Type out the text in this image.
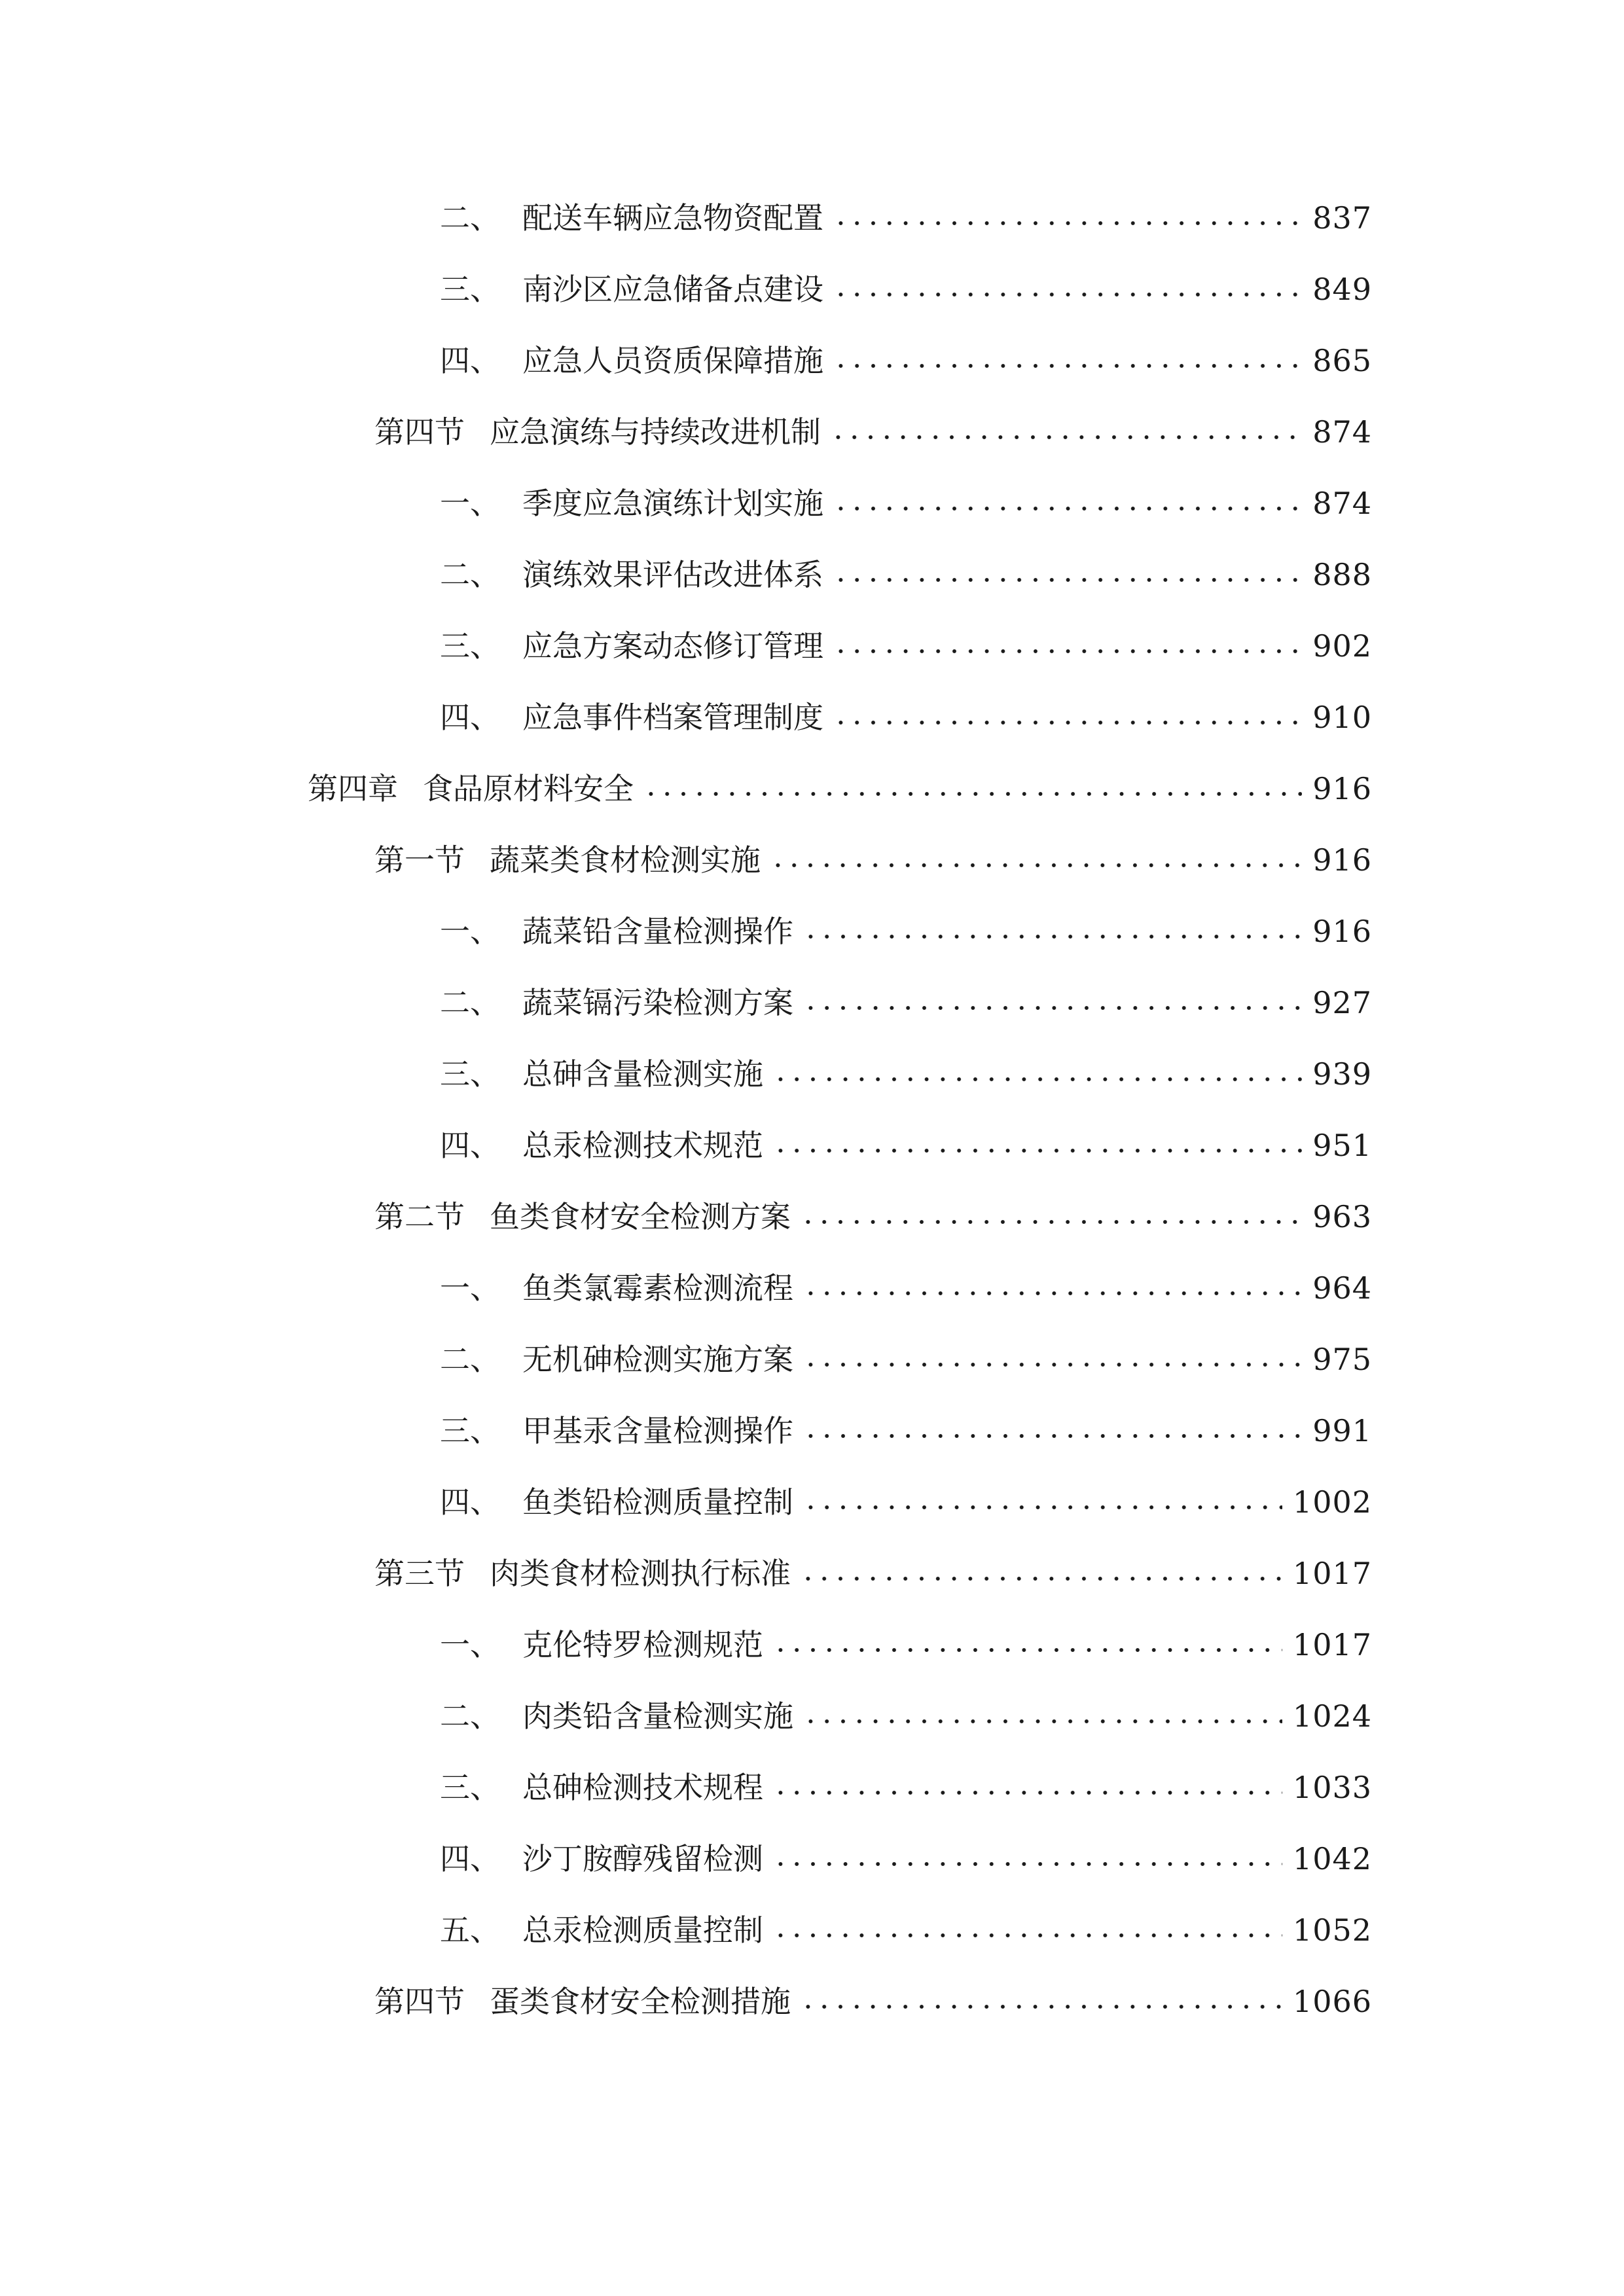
二、 配送车辆应急物资配置	837
三、 南沙区应急储备点建设	849
四、 应急人员资质保障措施	865
第四节 应急演练与持续改进机制	874
一、 季度应急演练计划实施	874
二、 演练效果评估改进体系	888
三、 应急方案动态修订管理	902
四、 应急事件档案管理制度	910
第四章 食品原材料安全	916
第一节 蔬菜类食材检测实施	916
一、 蔬菜铅含量检测操作	916
二、 蔬菜镉污染检测方案	927
三、 总砷含量检测实施	939
四、 总汞检测技术规范	951
第二节 鱼类食材安全检测方案	963
一、 鱼类氯霉素检测流程	964
二、 无机砷检测实施方案	975
三、 甲基汞含量检测操作	991
四、 鱼类铅检测质量控制	1002
第三节 肉类食材检测执行标准	1017
一、 克伦特罗检测规范	1017
二、 肉类铅含量检测实施	1024
三、 总砷检测技术规程	1033
四、 沙丁胺醇残留检测	1042
五、 总汞检测质量控制	1052
第四节 蛋类食材安全检测措施	1066
